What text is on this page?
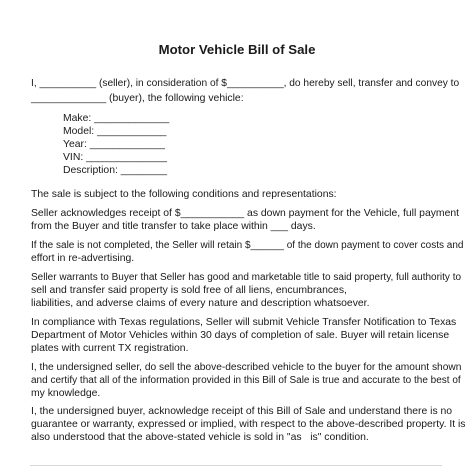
Motor Vehicle Bill of Sale
I, __________ (seller), in consideration of $__________, do hereby sell, transfer and convey to
_____________ (buyer), the following vehicle:
Make: _____________
Model: ____________
Year: _____________
VIN: ______________
Description: ________
The sale is subject to the following conditions and representations:
Seller acknowledges receipt of $___________ as down payment for the Vehicle, full payment
from the Buyer and title transfer to take place within ___ days.
If the sale is not completed, the Seller will retain $______ of the down payment to cover costs and
effort in re-advertising.
Seller warrants to Buyer that Seller has good and marketable title to said property, full authority to
sell and transfer said property is sold free of all liens, encumbrances,
liabilities, and adverse claims of every nature and description whatsoever.
In compliance with Texas regulations, Seller will submit Vehicle Transfer Notification to Texas
Department of Motor Vehicles within 30 days of completion of sale. Buyer will retain license
plates with current TX registration.
I, the undersigned seller, do sell the above-described vehicle to the buyer for the amount shown
and certify that all of the information provided in this Bill of Sale is true and accurate to the best of
my knowledge.
I, the undersigned buyer, acknowledge receipt of this Bill of Sale and understand there is no
guarantee or warranty, expressed or implied, with respect to the above-described property. It is
also understood that the above-stated vehicle is sold in "as   is" condition.
